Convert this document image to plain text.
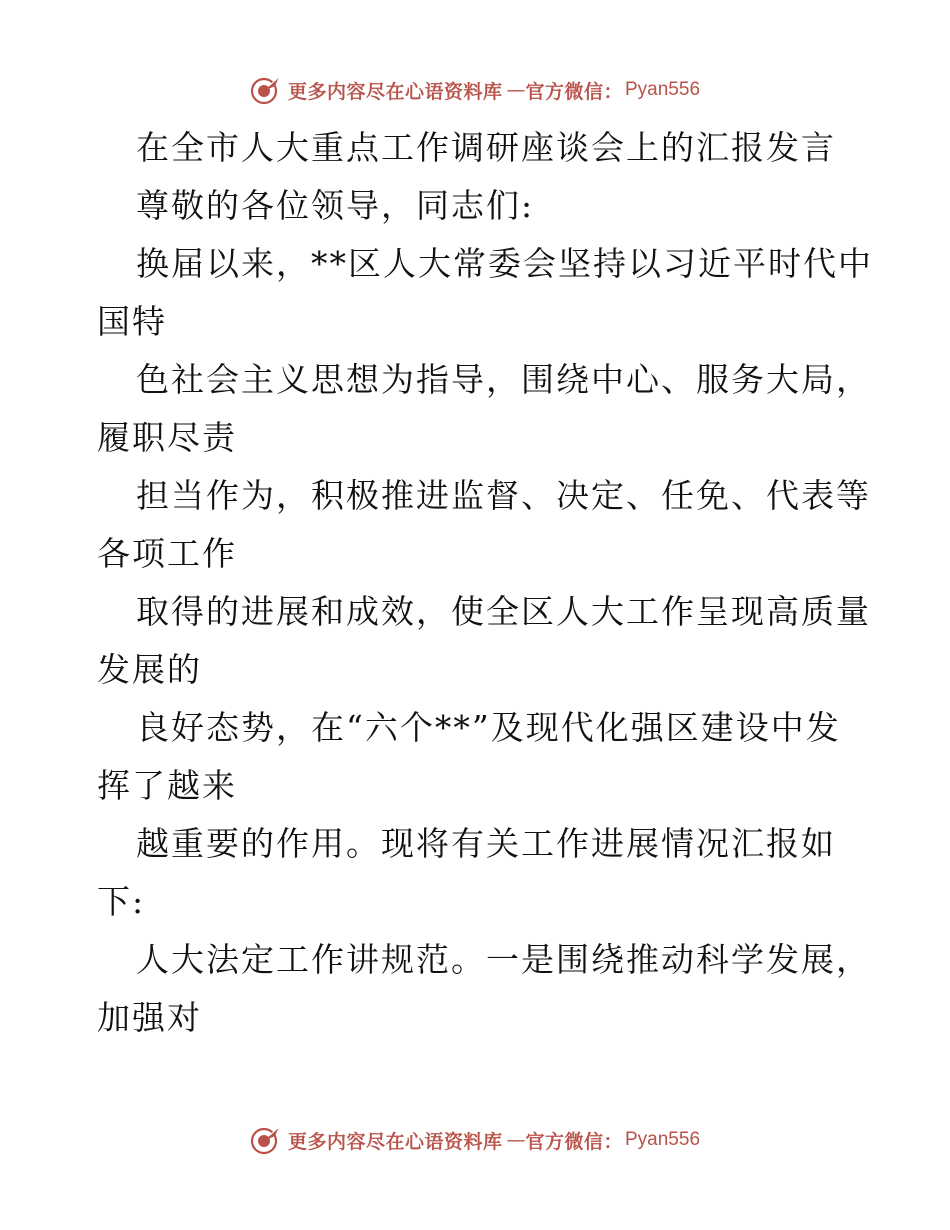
更多内容尽在心语资料库 — 官方微信： Pyan556
在全市人大重点工作调研座谈会上的汇报发言
尊敬的各位领导，同志们:
换届以来，**区人大常委会坚持以习近平时代中
国特
色社会主义思想为指导，围绕中心、服务大局，
履职尽责
担当作为，积极推进监督、决定、任免、代表等
各项工作
取得的进展和成效，使全区人大工作呈现高质量
发展的
良好态势，在“六个**”及现代化强区建设中发
挥了越来
越重要的作用。现将有关工作进展情况汇报如
下:
人大法定工作讲规范。一是围绕推动科学发展，
加强对
更多内容尽在心语资料库 — 官方微信： Pyan556
